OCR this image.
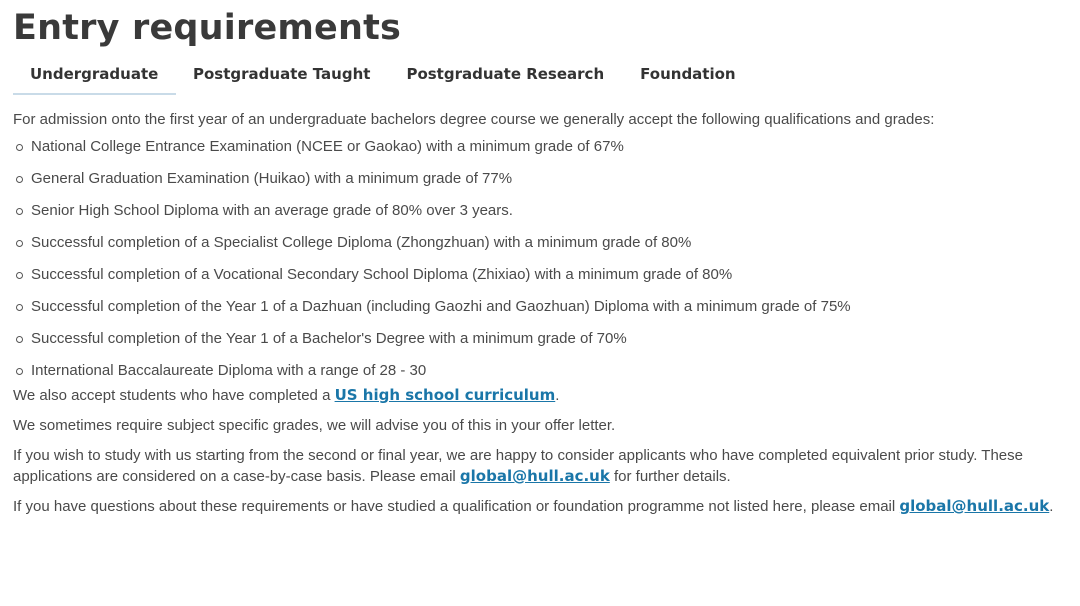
Entry requirements
Undergraduate	Postgraduate Taught	Postgraduate Research	Foundation

For admission onto the first year of an undergraduate bachelors degree course we generally accept the following qualifications and grades:

National College Entrance Examination (NCEE or Gaokao) with a minimum grade of 67%
General Graduation Examination (Huikao) with a minimum grade of 77%
Senior High School Diploma with an average grade of 80% over 3 years.
Successful completion of a Specialist College Diploma (Zhongzhuan) with a minimum grade of 80%
Successful completion of a Vocational Secondary School Diploma (Zhixiao) with a minimum grade of 80%
Successful completion of the Year 1 of a Dazhuan (including Gaozhi and Gaozhuan) Diploma with a minimum grade of 75%
Successful completion of the Year 1 of a Bachelor's Degree with a minimum grade of 70%
International Baccalaureate Diploma with a range of 28 - 30

We also accept students who have completed a US high school curriculum.

We sometimes require subject specific grades, we will advise you of this in your offer letter.

If you wish to study with us starting from the second or final year, we are happy to consider applicants who have completed equivalent prior study. These applications are considered on a case-by-case basis. Please email global@hull.ac.uk for further details.

If you have questions about these requirements or have studied a qualification or foundation programme not listed here, please email global@hull.ac.uk.
